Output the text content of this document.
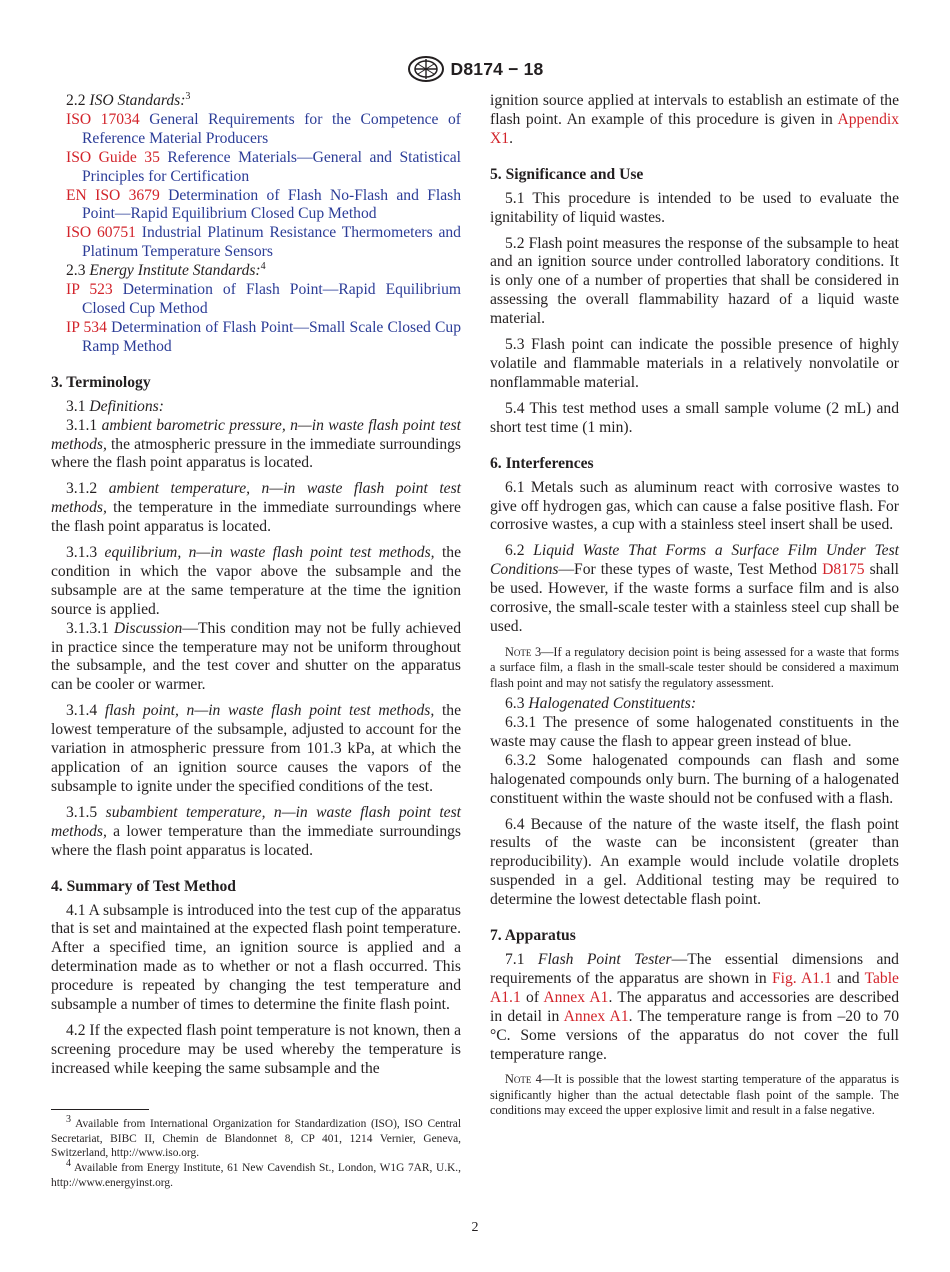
D8174 − 18

2.2 ISO Standards:$^3$

ISO 17034 General Requirements for the Competence of Reference Material Producers

ISO Guide 35 Reference Materials—General and Statistical Principles for Certification

EN ISO 3679 Determination of Flash No-Flash and Flash Point—Rapid Equilibrium Closed Cup Method

ISO 60751 Industrial Platinum Resistance Thermometers and Platinum Temperature Sensors

2.3 Energy Institute Standards:$^4$

IP 523 Determination of Flash Point—Rapid Equilibrium Closed Cup Method

IP 534 Determination of Flash Point—Small Scale Closed Cup Ramp Method

3. Terminology

3.1 Definitions:

3.1.1 ambient barometric pressure, n—in waste flash point test methods, the atmospheric pressure in the immediate surroundings where the flash point apparatus is located.

3.1.2 ambient temperature, n—in waste flash point test methods, the temperature in the immediate surroundings where the flash point apparatus is located.

3.1.3 equilibrium, n—in waste flash point test methods, the condition in which the vapor above the subsample and the subsample are at the same temperature at the time the ignition source is applied.

3.1.3.1 Discussion—This condition may not be fully achieved in practice since the temperature may not be uniform throughout the subsample, and the test cover and shutter on the apparatus can be cooler or warmer.

3.1.4 flash point, n—in waste flash point test methods, the lowest temperature of the subsample, adjusted to account for the variation in atmospheric pressure from 101.3 kPa, at which the application of an ignition source causes the vapors of the subsample to ignite under the specified conditions of the test.

3.1.5 subambient temperature, n—in waste flash point test methods, a lower temperature than the immediate surroundings where the flash point apparatus is located.

4. Summary of Test Method

4.1 A subsample is introduced into the test cup of the apparatus that is set and maintained at the expected flash point temperature. After a specified time, an ignition source is applied and a determination made as to whether or not a flash occurred. This procedure is repeated by changing the test temperature and subsample a number of times to determine the finite flash point.

4.2 If the expected flash point temperature is not known, then a screening procedure may be used whereby the temperature is increased while keeping the same subsample and the

$^3$ Available from International Organization for Standardization (ISO), ISO Central Secretariat, BIBC II, Chemin de Blandonnet 8, CP 401, 1214 Vernier, Geneva, Switzerland, http://www.iso.org.

$^4$ Available from Energy Institute, 61 New Cavendish St., London, W1G 7AR, U.K., http://www.energyinst.org.

ignition source applied at intervals to establish an estimate of the flash point. An example of this procedure is given in Appendix X1.

5. Significance and Use

5.1 This procedure is intended to be used to evaluate the ignitability of liquid wastes.

5.2 Flash point measures the response of the subsample to heat and an ignition source under controlled laboratory conditions. It is only one of a number of properties that shall be considered in assessing the overall flammability hazard of a liquid waste material.

5.3 Flash point can indicate the possible presence of highly volatile and flammable materials in a relatively nonvolatile or nonflammable material.

5.4 This test method uses a small sample volume (2 mL) and short test time (1 min).

6. Interferences

6.1 Metals such as aluminum react with corrosive wastes to give off hydrogen gas, which can cause a false positive flash. For corrosive wastes, a cup with a stainless steel insert shall be used.

6.2 Liquid Waste That Forms a Surface Film Under Test Conditions—For these types of waste, Test Method D8175 shall be used. However, if the waste forms a surface film and is also corrosive, the small-scale tester with a stainless steel cup shall be used.

Note 3—If a regulatory decision point is being assessed for a waste that forms a surface film, a flash in the small-scale tester should be considered a maximum flash point and may not satisfy the regulatory assessment.

6.3 Halogenated Constituents:

6.3.1 The presence of some halogenated constituents in the waste may cause the flash to appear green instead of blue.

6.3.2 Some halogenated compounds can flash and some halogenated compounds only burn. The burning of a halogenated constituent within the waste should not be confused with a flash.

6.4 Because of the nature of the waste itself, the flash point results of the waste can be inconsistent (greater than reproducibility). An example would include volatile droplets suspended in a gel. Additional testing may be required to determine the lowest detectable flash point.

7. Apparatus

7.1 Flash Point Tester—The essential dimensions and requirements of the apparatus are shown in Fig. A1.1 and Table A1.1 of Annex A1. The apparatus and accessories are described in detail in Annex A1. The temperature range is from –20 to 70 °C. Some versions of the apparatus do not cover the full temperature range.

Note 4—It is possible that the lowest starting temperature of the apparatus is significantly higher than the actual detectable flash point of the sample. The conditions may exceed the upper explosive limit and result in a false negative.

2
